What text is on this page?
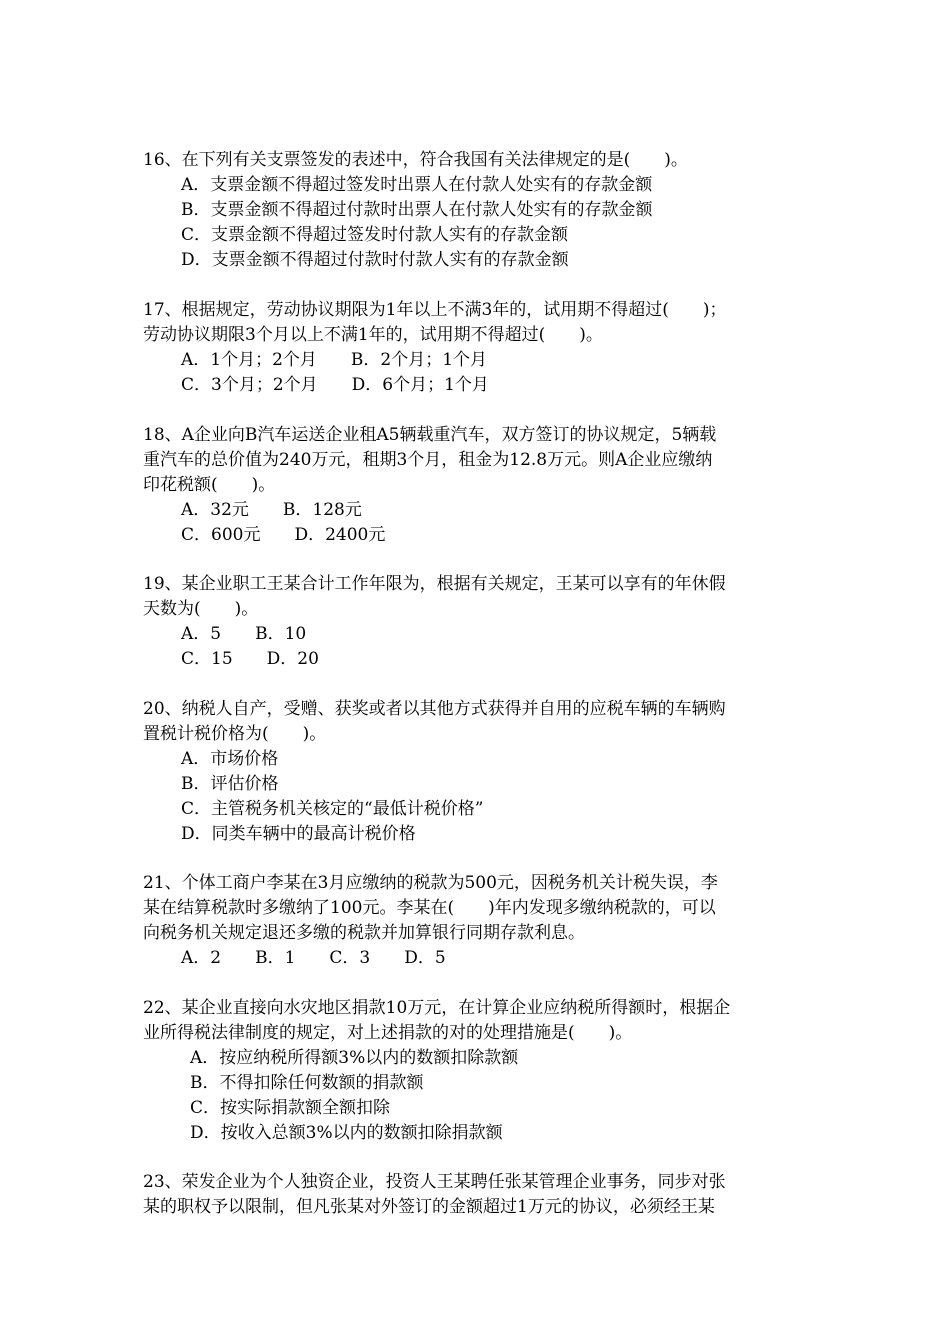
16、在下列有关支票签发的表述中，符合我国有关法律规定的是(　　)。
A．支票金额不得超过签发时出票人在付款人处实有的存款金额
B．支票金额不得超过付款时出票人在付款人处实有的存款金额
C．支票金额不得超过签发时付款人实有的存款金额
D．支票金额不得超过付款时付款人实有的存款金额
17、根据规定，劳动协议期限为1年以上不满3年的，试用期不得超过(　　)；
劳动协议期限3个月以上不满1年的，试用期不得超过(　　)。
A．1个月；2个月　　B．2个月；1个月
C．3个月；2个月　　D．6个月；1个月
18、A企业向B汽车运送企业租A5辆载重汽车，双方签订的协议规定，5辆载
重汽车的总价值为240万元，租期3个月，租金为12.8万元。则A企业应缴纳
印花税额(　　)。
A．32元　　B．128元
C．600元　　D．2400元
19、某企业职工王某合计工作年限为，根据有关规定，王某可以享有的年休假
天数为(　　)。
A．5　　B．10
C．15　　D．20
20、纳税人自产，受赠、获奖或者以其他方式获得并自用的应税车辆的车辆购
置税计税价格为(　　)。
A．市场价格
B．评估价格
C．主管税务机关核定的“最低计税价格”
D．同类车辆中的最高计税价格
21、个体工商户李某在3月应缴纳的税款为500元，因税务机关计税失误，李
某在结算税款时多缴纳了100元。李某在(　　)年内发现多缴纳税款的，可以
向税务机关规定退还多缴的税款并加算银行同期存款利息。
A．2　　B．1　　C．3　　D．5
22、某企业直接向水灾地区捐款10万元，在计算企业应纳税所得额时，根据企
业所得税法律制度的规定，对上述捐款的对的处理措施是(　　)。
A．按应纳税所得额3%以内的数额扣除款额
B．不得扣除任何数额的捐款额
C．按实际捐款额全额扣除
D．按收入总额3%以内的数额扣除捐款额
23、荣发企业为个人独资企业，投资人王某聘任张某管理企业事务，同步对张
某的职权予以限制，但凡张某对外签订的金额超过1万元的协议，必须经王某
